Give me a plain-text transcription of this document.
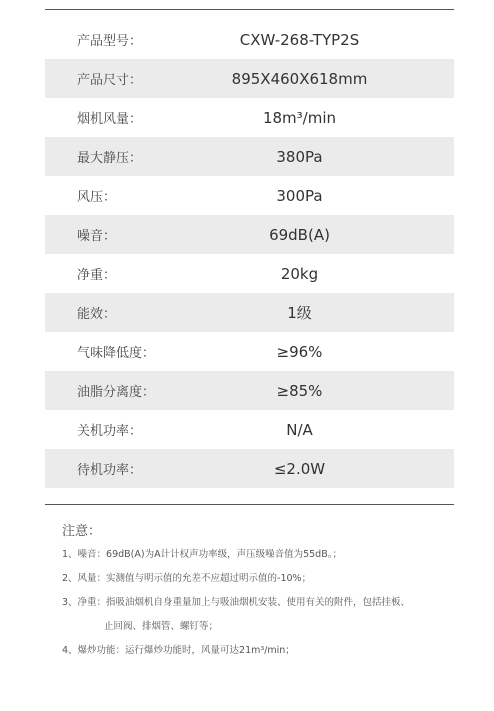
产品型号：	CXW-268-TYP2S
产品尺寸：	895X460X618mm
烟机风量：	18m³/min
最大静压：	380Pa
风压：	300Pa
噪音：	69dB(A)
净重：	20kg
能效：	1级
气味降低度：	≥96%
油脂分离度：	≥85%
关机功率：	N/A
待机功率：	≤2.0W
注意：
1、噪音：69dB(A)为A计计权声功率级，声压级噪音值为55dB。；
2、风量：实测值与明示值的允差不应超过明示值的-10%；
3、净重：指吸油烟机自身重量加上与吸油烟机安装、使用有关的附件，包括挂板、
止回阀、排烟管、螺钉等；
4、爆炒功能：运行爆炒功能时，风量可达21m³/min；
